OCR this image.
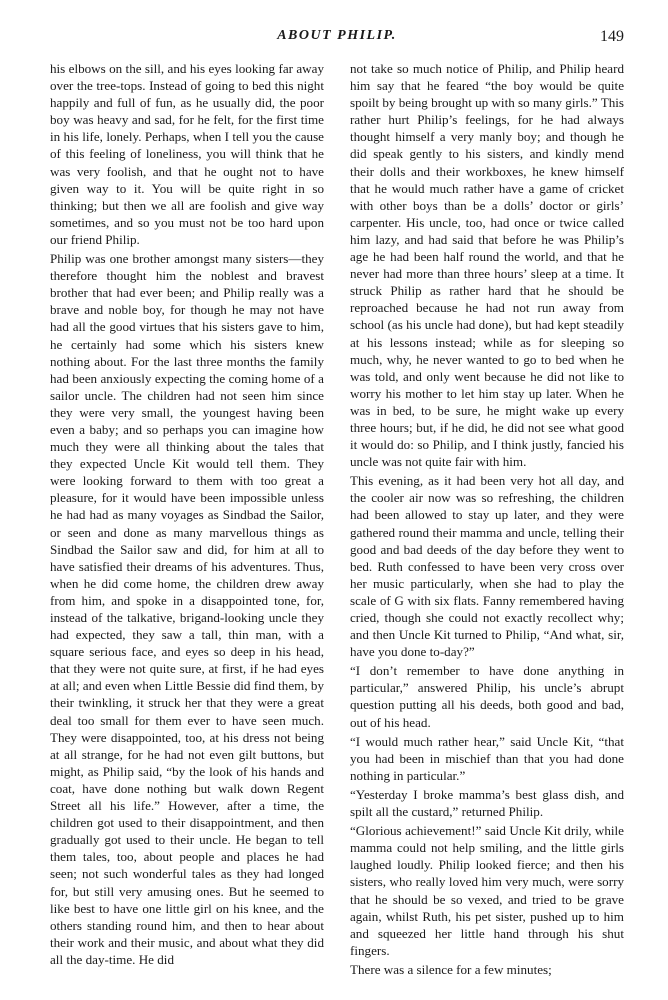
ABOUT PHILIP.	149

his elbows on the sill, and his eyes looking far away over the tree-tops. Instead of going to bed this night happily and full of fun, as he usually did, the poor boy was heavy and sad, for he felt, for the first time in his life, lonely. Perhaps, when I tell you the cause of this feeling of loneliness, you will think that he was very foolish, and that he ought not to have given way to it. You will be quite right in so thinking; but then we all are foolish and give way sometimes, and so you must not be too hard upon our friend Philip.

Philip was one brother amongst many sisters—they therefore thought him the noblest and bravest brother that had ever been; and Philip really was a brave and noble boy, for though he may not have had all the good virtues that his sisters gave to him, he certainly had some which his sisters knew nothing about. For the last three months the family had been anxiously expecting the coming home of a sailor uncle. The children had not seen him since they were very small, the youngest having been even a baby; and so perhaps you can imagine how much they were all thinking about the tales that they expected Uncle Kit would tell them. They were looking forward to them with too great a pleasure, for it would have been impossible unless he had had as many voyages as Sindbad the Sailor, or seen and done as many marvellous things as Sindbad the Sailor saw and did, for him at all to have satisfied their dreams of his adventures. Thus, when he did come home, the children drew away from him, and spoke in a disappointed tone, for, instead of the talkative, brigand-looking uncle they had expected, they saw a tall, thin man, with a square serious face, and eyes so deep in his head, that they were not quite sure, at first, if he had eyes at all; and even when Little Bessie did find them, by their twinkling, it struck her that they were a great deal too small for them ever to have seen much. They were disappointed, too, at his dress not being at all strange, for he had not even gilt buttons, but might, as Philip said, “by the look of his hands and coat, have done nothing but walk down Regent Street all his life.” However, after a time, the children got used to their disappointment, and then gradually got used to their uncle. He began to tell them tales, too, about people and places he had seen; not such wonderful tales as they had longed for, but still very amusing ones. But he seemed to like best to have one little girl on his knee, and the others standing round him, and then to hear about their work and their music, and about what they did all the day-time. He did

not take so much notice of Philip, and Philip heard him say that he feared “the boy would be quite spoilt by being brought up with so many girls.” This rather hurt Philip’s feelings, for he had always thought himself a very manly boy; and though he did speak gently to his sisters, and kindly mend their dolls and their workboxes, he knew himself that he would much rather have a game of cricket with other boys than be a dolls’ doctor or girls’ carpenter. His uncle, too, had once or twice called him lazy, and had said that before he was Philip’s age he had been half round the world, and that he never had more than three hours’ sleep at a time. It struck Philip as rather hard that he should be reproached because he had not run away from school (as his uncle had done), but had kept steadily at his lessons instead; while as for sleeping so much, why, he never wanted to go to bed when he was told, and only went because he did not like to worry his mother to let him stay up later. When he was in bed, to be sure, he might wake up every three hours; but, if he did, he did not see what good it would do: so Philip, and I think justly, fancied his uncle was not quite fair with him.

This evening, as it had been very hot all day, and the cooler air now was so refreshing, the children had been allowed to stay up later, and they were gathered round their mamma and uncle, telling their good and bad deeds of the day before they went to bed. Ruth confessed to have been very cross over her music particularly, when she had to play the scale of G with six flats. Fanny remembered having cried, though she could not exactly recollect why; and then Uncle Kit turned to Philip, “And what, sir, have you done to-day?”

“I don’t remember to have done anything in particular,” answered Philip, his uncle’s abrupt question putting all his deeds, both good and bad, out of his head.

“I would much rather hear,” said Uncle Kit, “that you had been in mischief than that you had done nothing in particular.”

“Yesterday I broke mamma’s best glass dish, and spilt all the custard,” returned Philip.

“Glorious achievement!” said Uncle Kit drily, while mamma could not help smiling, and the little girls laughed loudly. Philip looked fierce; and then his sisters, who really loved him very much, were sorry that he should be so vexed, and tried to be grave again, whilst Ruth, his pet sister, pushed up to him and squeezed her little hand through his shut fingers.

There was a silence for a few minutes;
